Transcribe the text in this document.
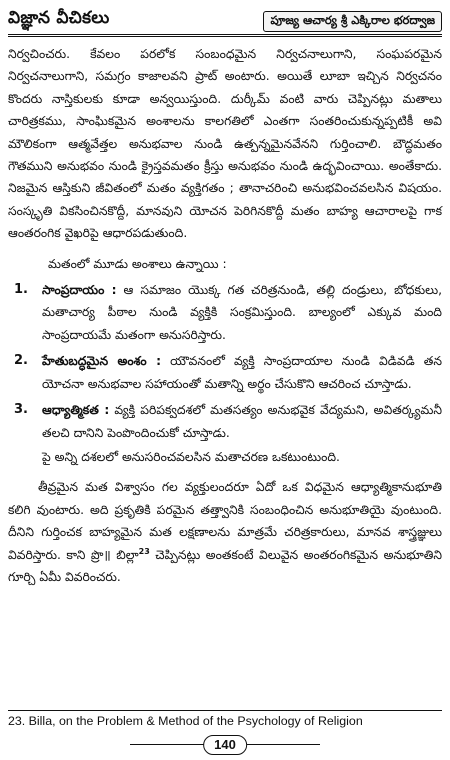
విజ్ఞాన వీచికలు	పూజ్య ఆచార్య శ్రీ ఎక్కిరాల భరద్వాజ

నిర్వచించరు. కేవలం పరలోక సంబంధమైన నిర్వచనాలుగాని, సంఘపరమైన నిర్వచనాలుగాని, సమగ్రం కాజాలవని ప్రాట్ అంటారు. అయితే లూబా ఇచ్చిన నిర్వచనం కొందరు నాస్తికులకు కూడా అన్వయిస్తుంది. దుర్కీమ్ వంటి వారు చెప్పినట్లు మతాలు చారిత్రకము, సాంఘికమైన అంశాలను కాలగతిలో ఎంతగా సంతరించుకున్నప్పటికీ అవి మౌలికంగా ఆత్మవేత్తల అనుభవాల నుండి ఉత్పన్నమైనవేనని గుర్తించాలి. బౌద్ధమతం గౌతముని అనుభవం నుండి క్రైస్తవమతం క్రీస్తు అనుభవం నుండి ఉద్భవించాయి. అంతేకాదు. నిజమైన ఆస్తికుని జీవితంలో మతం వ్యక్తిగతం ; తానాచరించి అనుభవించవలసిన విషయం. సంస్కృతి వికసించినకొద్దీ, మానవుని యోచన పెరిగినకొద్దీ మతం బాహ్య ఆచారాలపై గాక ఆంతరంగిక వైఖరిపై ఆధారపడుతుంది.

మతంలో మూడు అంశాలు ఉన్నాయి :

1.	సాంప్రదాయం : ఆ సమాజం యొక్క గత చరిత్రనుండి, తల్లి దండ్రులు, బోధకులు, మతాచార్య పీఠాల నుండి వ్యక్తికి సంక్రమిస్తుంది. బాల్యంలో ఎక్కువ మంది సాంప్రదాయమే మతంగా అనుసరిస్తారు.
2.	హేతుబద్ధమైన అంశం : యౌవనంలో వ్యక్తి సాంప్రదాయాల నుండి విడివడి తన యోచనా అనుభవాల సహాయంతో మతాన్ని అర్థం చేసుకొని ఆచరించ చూస్తాడు.
3.	ఆధ్యాత్మికత : వ్యక్తి పరిపక్వదశలో మతసత్యం అనుభవైక వేద్యమని, అవితర్క్యమనీ తలచి దానిని పెంపొందించుకో చూస్తాడు.

పై అన్ని దశలలో అనుసరించవలసిన మతాచరణ ఒకటుంటుంది.

తీవ్రమైన మత విశ్వాసం గల వ్యక్తులందరూ ఏదో ఒక విధమైన ఆధ్యాత్మికానుభూతి కలిగి వుంటారు. అది ప్రకృతికి పరమైన తత్త్వానికి సంబంధించిన అనుభూతియై వుంటుంది. దీనిని గుర్తించక బాహ్యమైన మత లక్షణాలను మాత్రమే చరిత్రకారులు, మానవ శాస్త్రజ్ఞులు వివరిస్తారు. కాని ప్రొ॥ బిల్లా$^{23}$ చెప్పినట్లు అంతకంటే విలువైన అంతరంగికమైన అనుభూతిని గూర్చి ఏమీ వివరించరు.

23. Billa, on the Problem & Method of the Psychology of Religion
140
